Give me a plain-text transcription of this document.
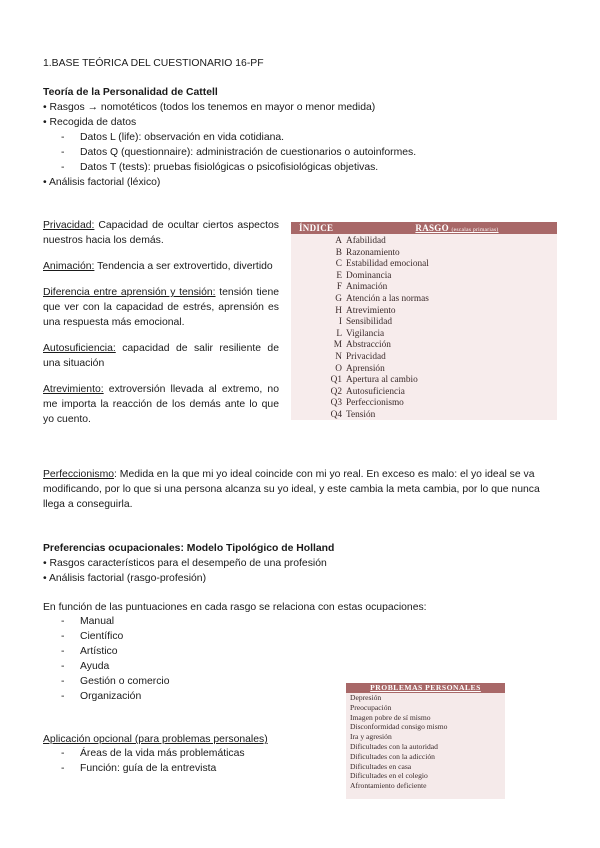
1.BASE TEÓRICA DEL CUESTIONARIO 16-PF
Teoría de la Personalidad de Cattell
• Rasgos → nomotéticos (todos los tenemos en mayor o menor medida)
• Recogida de datos
- Datos L (life): observación en vida cotidiana.
- Datos Q (questionnaire): administración de cuestionarios o autoinformes.
- Datos T (tests): pruebas fisiológicas o psicofisiológicas objetivas.
• Análisis factorial (léxico)

Privacidad: Capacidad de ocultar ciertos aspectos nuestros hacia los demás.

Animación: Tendencia a ser extrovertido, divertido

Diferencia entre aprensión y tensión: tensión tiene que ver con la capacidad de estrés, aprensión es una respuesta más emocional.

Autosuficiencia: capacidad de salir resiliente de una situación

Atrevimiento: extroversión llevada al extremo, no me importa la reacción de los demás ante lo que yo cuento.

ÍNDICE	RASGO (escalas primarias)
A Afabilidad
B Razonamiento
C Estabilidad emocional
E Dominancia
F Animación
G Atención a las normas
H Atrevimiento
I Sensibilidad
L Vigilancia
M Abstracción
N Privacidad
O Aprensión
Q1 Apertura al cambio
Q2 Autosuficiencia
Q3 Perfeccionismo
Q4 Tensión
Perfeccionismo: Medida en la que mi yo ideal coincide con mi yo real. En exceso es malo: el yo ideal se va modificando, por lo que si una persona alcanza su yo ideal, y este cambia la meta cambia, por lo que nunca llega a conseguirla.
Preferencias ocupacionales: Modelo Tipológico de Holland
• Rasgos característicos para el desempeño de una profesión
• Análisis factorial (rasgo-profesión)
En función de las puntuaciones en cada rasgo se relaciona con estas ocupaciones:
- Manual
- Científico
- Artístico
- Ayuda
- Gestión o comercio
- Organización
Aplicación opcional (para problemas personales)
- Áreas de la vida más problemáticas
- Función: guía de la entrevista
PROBLEMAS PERSONALES
Depresión
Preocupación
Imagen pobre de sí mismo
Disconformidad consigo mismo
Ira y agresión
Dificultades con la autoridad
Dificultades con la adicción
Dificultades en casa
Dificultades en el colegio
Afrontamiento deficiente
